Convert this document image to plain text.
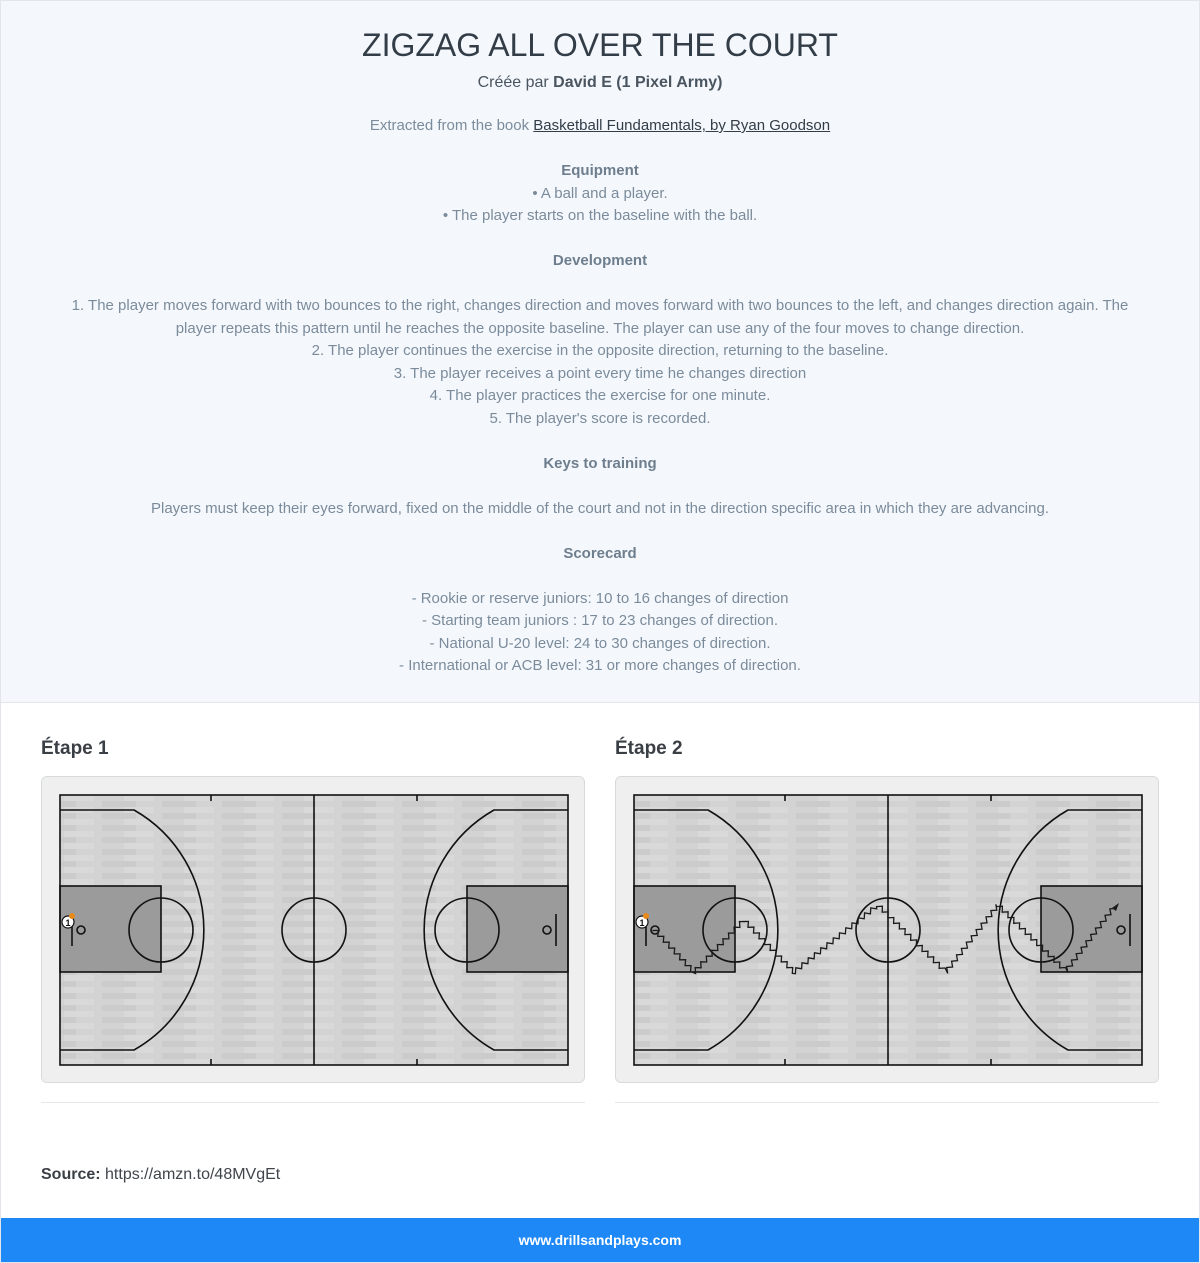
ZIGZAG ALL OVER THE COURT
Créée par David E (1 Pixel Army)
Extracted from the book Basketball Fundamentals, by Ryan Goodson
Equipment
• A ball and a player.
• The player starts on the baseline with the ball.
Development
1. The player moves forward with two bounces to the right, changes direction and moves forward with two bounces to the left, and changes direction again. The player repeats this pattern until he reaches the opposite baseline. The player can use any of the four moves to change direction.
2. The player continues the exercise in the opposite direction, returning to the baseline.
3. The player receives a point every time he changes direction
4. The player practices the exercise for one minute.
5. The player's score is recorded.
Keys to training
Players must keep their eyes forward, fixed on the middle of the court and not in the direction specific area in which they are advancing.
Scorecard
- Rookie or reserve juniors: 10 to 16 changes of direction
- Starting team juniors : 17 to 23 changes of direction.
- National U-20 level: 24 to 30 changes of direction.
- International or ACB level: 31 or more changes of direction.
Étape 1
1
Étape 2
1
Source: https://amzn.to/48MVgEt
www.drillsandplays.com
